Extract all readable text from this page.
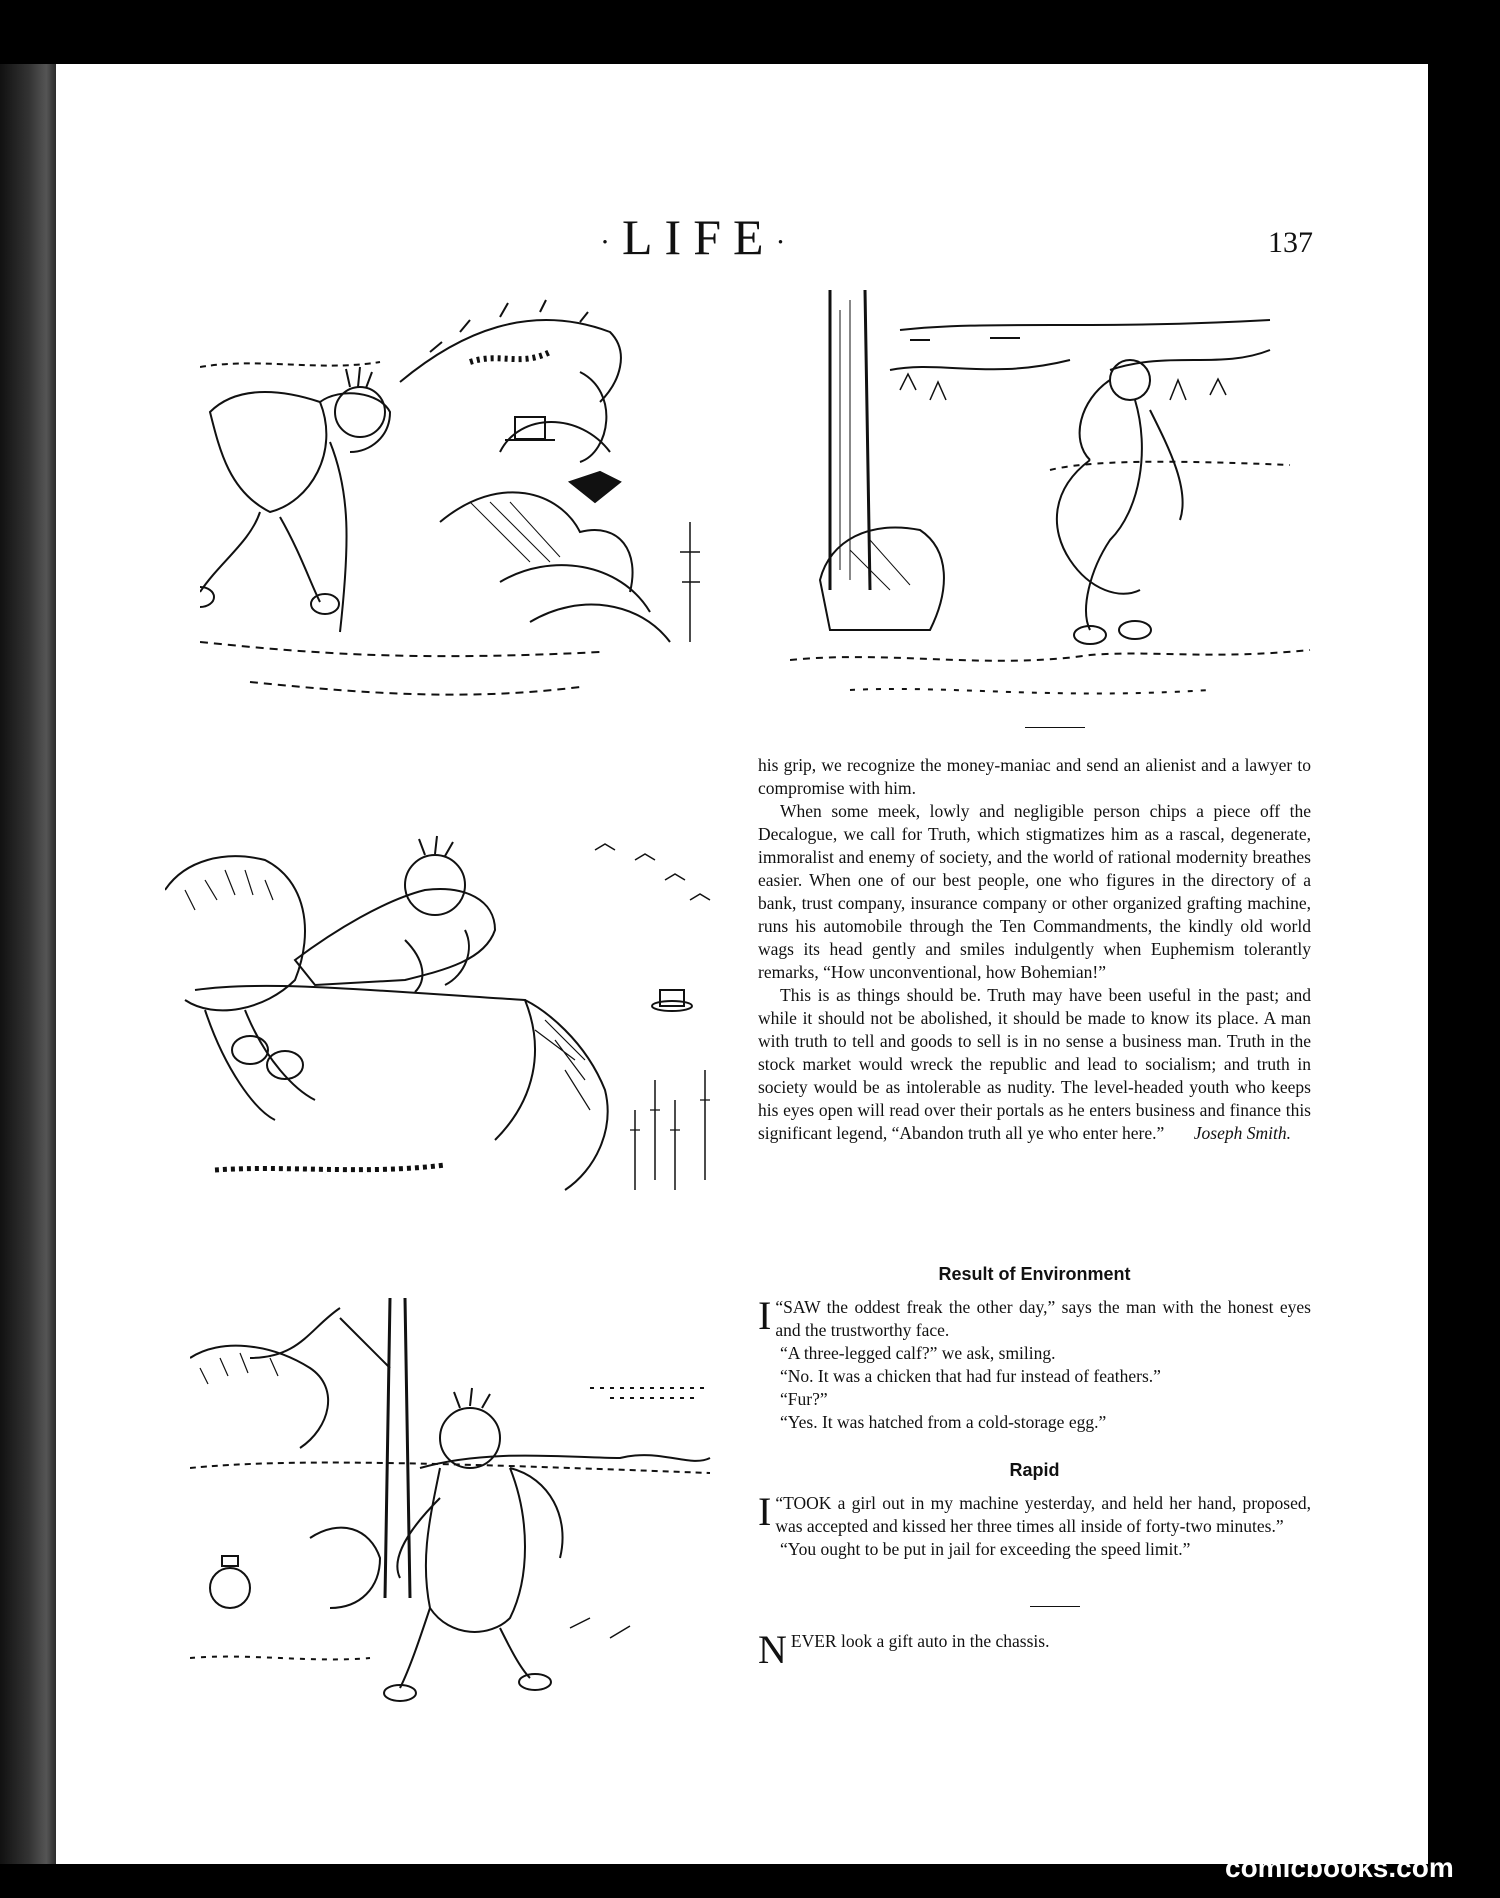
·LIFE·	137

his grip, we recognize the money-maniac and send an alienist and a lawyer to compromise with him.

When some meek, lowly and negligible person chips a piece off the Decalogue, we call for Truth, which stigmatizes him as a rascal, degenerate, immoralist and enemy of society, and the world of rational modernity breathes easier. When one of our best people, one who figures in the directory of a bank, trust company, insurance company or other organized grafting machine, runs his automobile through the Ten Commandments, the kindly old world wags its head gently and smiles indulgently when Euphemism tolerantly remarks, “How unconventional, how Bohemian!”

This is as things should be. Truth may have been useful in the past; and while it should not be abolished, it should be made to know its place. A man with truth to tell and goods to sell is in no sense a business man. Truth in the stock market would wreck the republic and lead to socialism; and truth in society would be as intolerable as nudity. The level-headed youth who keeps his eyes open will read over their portals as he enters business and finance this significant legend, “Abandon truth all ye who enter here.”	Joseph Smith.

Result of Environment

“
I SAW the oddest freak the other day,” says the man with the honest eyes and the trustworthy face.

“A three-legged calf?” we ask, smiling.

“No. It was a chicken that had fur instead of feathers.”

“Fur?”

“Yes. It was hatched from a cold-storage egg.”

Rapid

“
I TOOK a girl out in my machine yesterday, and held her hand, proposed, was accepted and kissed her three times all inside of forty-two minutes.”

“You ought to be put in jail for exceeding the speed limit.”

NEVER look a gift auto in the chassis.

comicbooks.com
